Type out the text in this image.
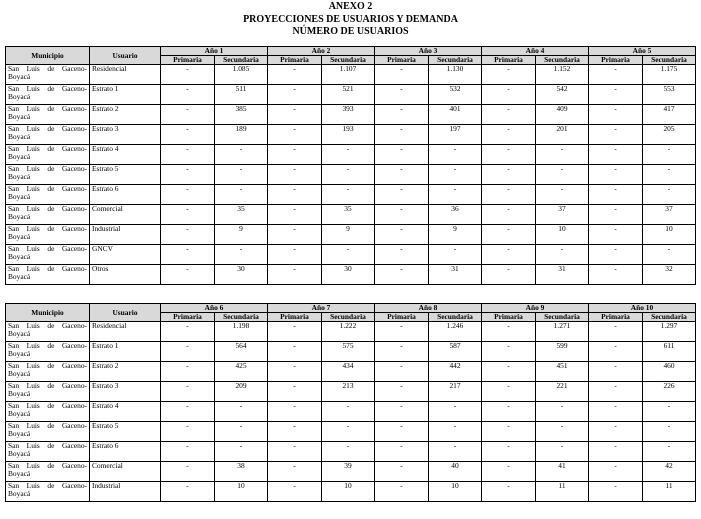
ANEXO 2
PROYECCIONES DE USUARIOS Y DEMANDA
NÚMERO DE USUARIOS
Municipio	Usuario	Año 1		Año 2		Año 3		Año 4		Año 5	
		Primaria	Secundaria	Primaria	Secundaria	Primaria	Secundaria	Primaria	Secundaria	Primaria	Secundaria
San Luis de Gaceno-Boyacá	Residencial	-	1.085	-	1.107	-	1.130	-	1.152	-	1.175
San Luis de Gaceno-Boyacá	Estrato 1	-	511	-	521	-	532	-	542	-	553
San Luis de Gaceno-Boyacá	Estrato 2	-	385	-	393	-	401	-	409	-	417
San Luis de Gaceno-Boyacá	Estrato 3	-	189	-	193	-	197	-	201	-	205
San Luis de Gaceno-Boyacá	Estrato 4	-	-	-	-	-	-	-	-	-	-
San Luis de Gaceno-Boyacá	Estrato 5	-	-	-	-	-	-	-	-	-	-
San Luis de Gaceno-Boyacá	Estrato 6	-	-	-	-	-	-	-	-	-	-
San Luis de Gaceno-Boyacá	Comercial	-	35	-	35	-	36	-	37	-	37
San Luis de Gaceno-Boyacá	Industrial	-	9	-	9	-	9	-	10	-	10
San Luis de Gaceno-Boyacá	GNCV	-	-	-	-	-	-	-	-	-	-
San Luis de Gaceno-Boyacá	Otros	-	30	-	30	-	31	-	31	-	32
Municipio	Usuario	Año 6		Año 7		Año 8		Año 9		Año 10	
		Primaria	Secundaria	Primaria	Secundaria	Primaria	Secundaria	Primaria	Secundaria	Primaria	Secundaria
San Luis de Gaceno-Boyacá	Residencial	-	1.198	-	1.222	-	1.246	-	1.271	-	1.297
San Luis de Gaceno-Boyacá	Estrato 1	-	564	-	575	-	587	-	599	-	611
San Luis de Gaceno-Boyacá	Estrato 2	-	425	-	434	-	442	-	451	-	460
San Luis de Gaceno-Boyacá	Estrato 3	-	209	-	213	-	217	-	221	-	226
San Luis de Gaceno-Boyacá	Estrato 4	-	-	-	-	-	-	-	-	-	-
San Luis de Gaceno-Boyacá	Estrato 5	-	-	-	-	-	-	-	-	-	-
San Luis de Gaceno-Boyacá	Estrato 6	-	-	-	-	-	-	-	-	-	-
San Luis de Gaceno-Boyacá	Comercial	-	38	-	39	-	40	-	41	-	42
San Luis de Gaceno-Boyacá	Industrial	-	10	-	10	-	10	-	11	-	11
